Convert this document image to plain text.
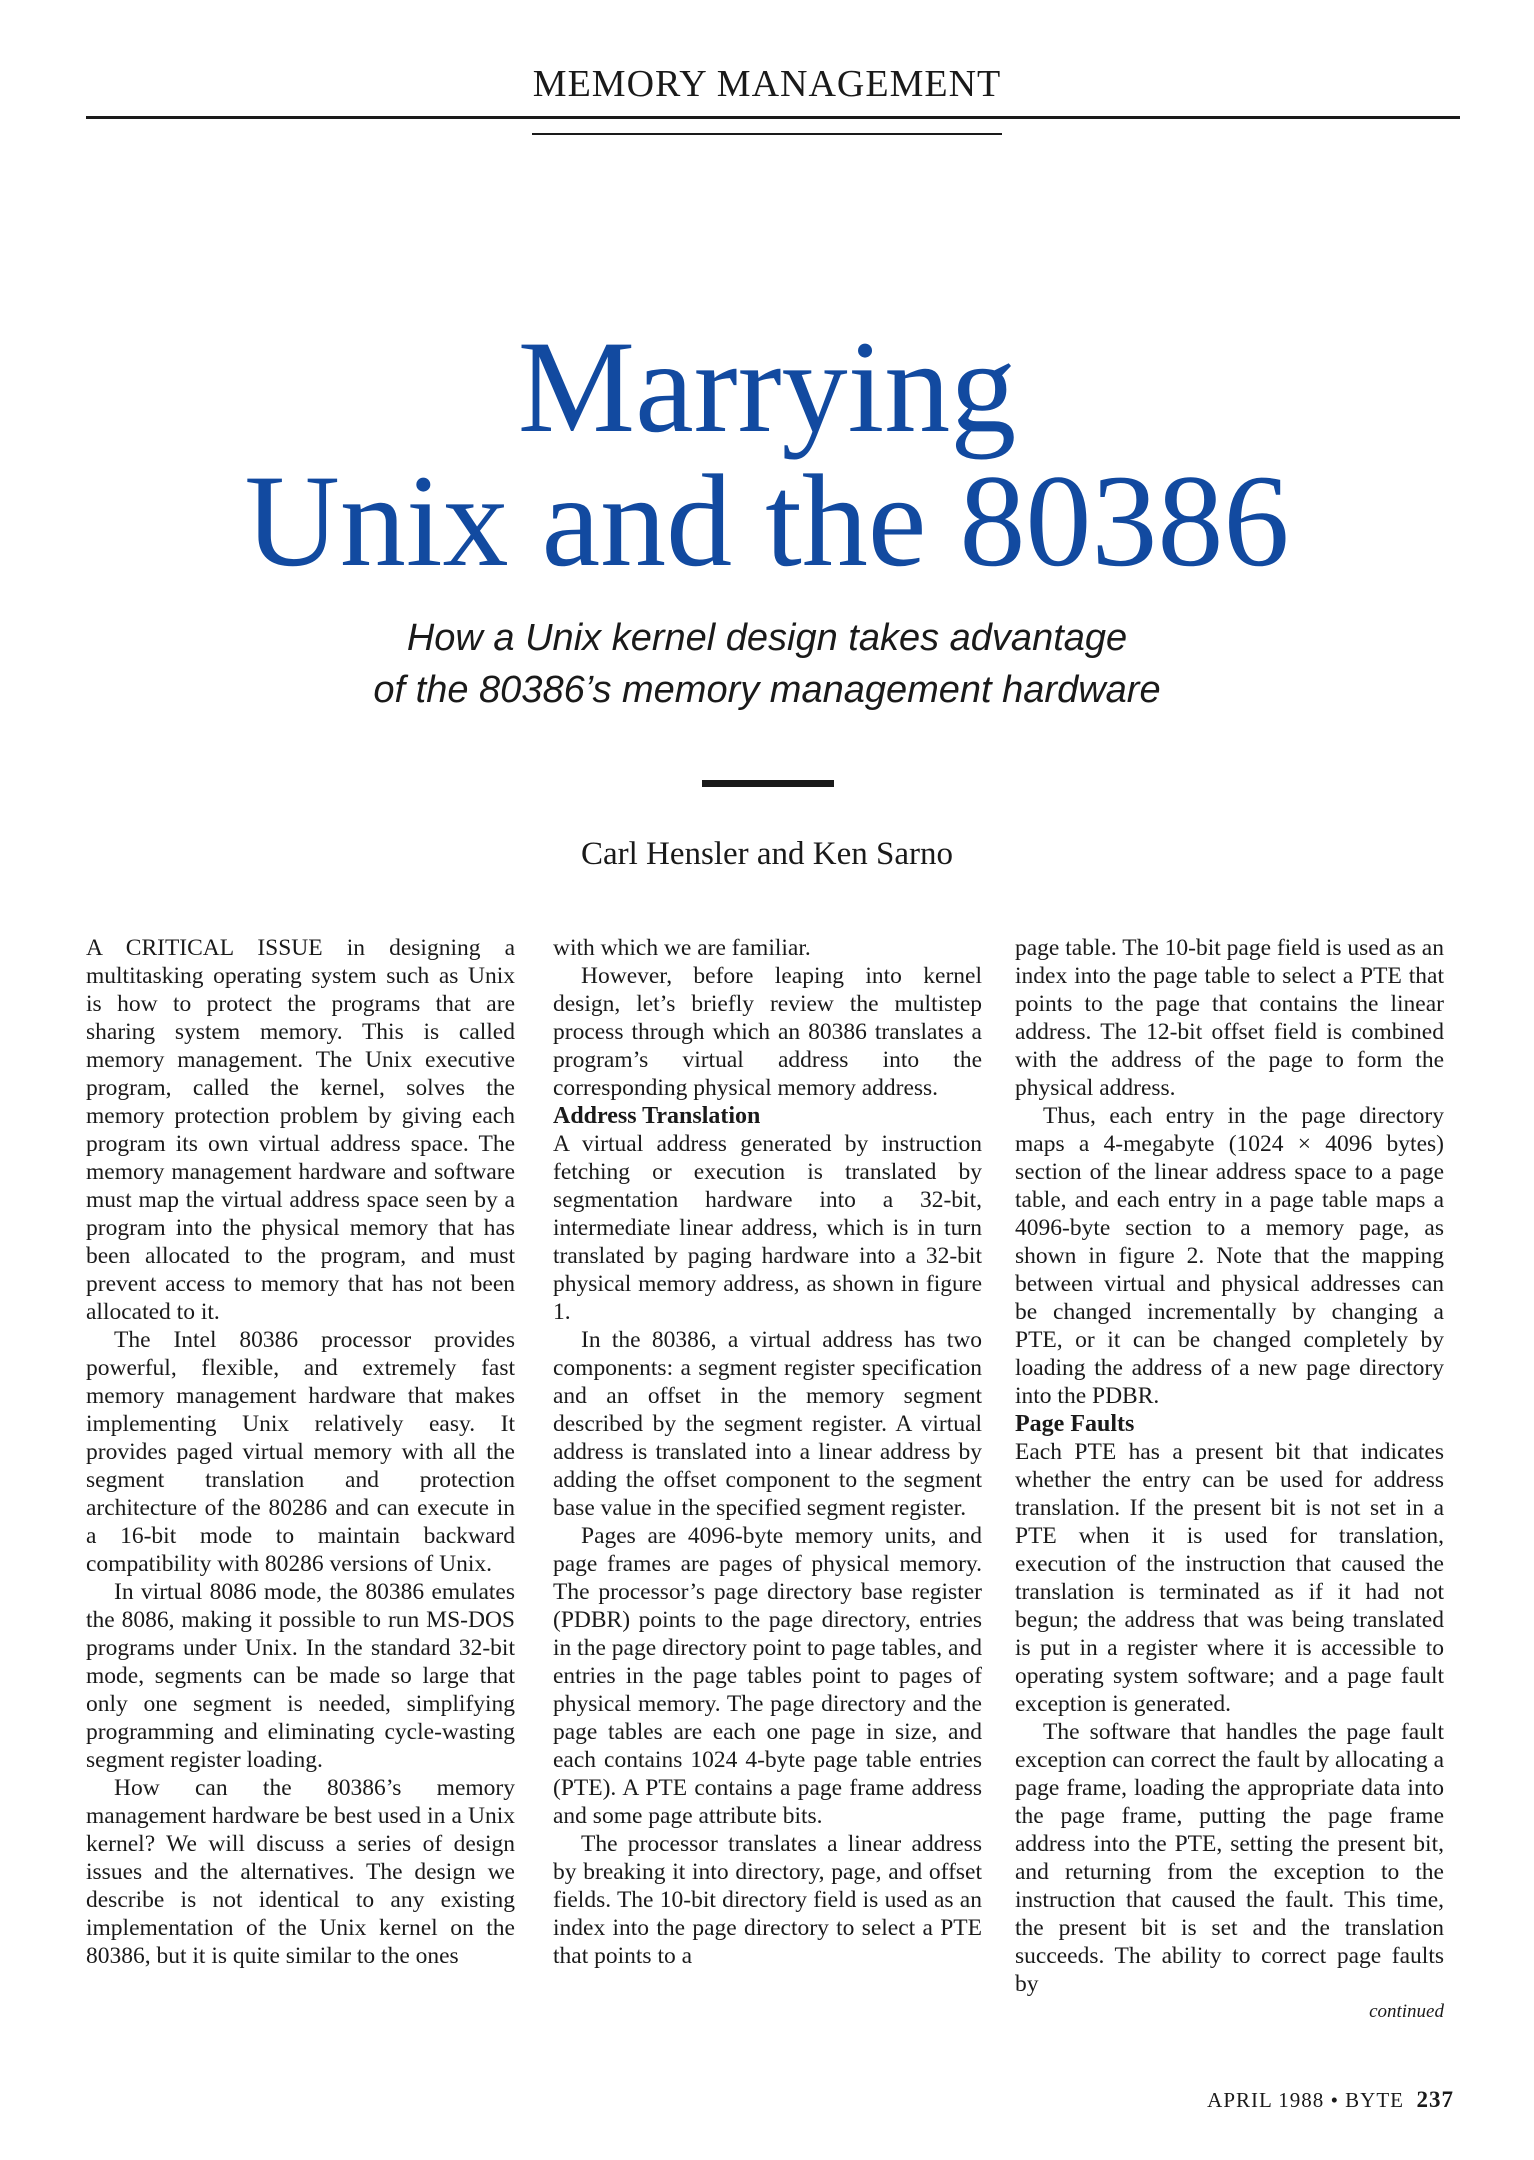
MEMORY MANAGEMENT
Marrying
Unix and the 80386
How a Unix kernel design takes advantage
of the 80386’s memory management hardware
Carl Hensler and Ken Sarno

A CRITICAL ISSUE in designing a multitasking operating system such as Unix is how to protect the programs that are sharing system memory. This is called memory management. The Unix executive program, called the kernel, solves the memory protection problem by giving each program its own virtual address space. The memory management hardware and software must map the virtual address space seen by a program into the physical memory that has been allocated to the program, and must prevent access to memory that has not been allocated to it.

The Intel 80386 processor provides powerful, flexible, and extremely fast memory management hardware that makes implementing Unix relatively easy. It provides paged virtual memory with all the segment translation and protection architecture of the 80286 and can execute in a 16-bit mode to maintain backward compatibility with 80286 versions of Unix.

In virtual 8086 mode, the 80386 emulates the 8086, making it possible to run MS-DOS programs under Unix. In the standard 32-bit mode, segments can be made so large that only one segment is needed, simplifying programming and eliminating cycle-wasting segment register loading.

How can the 80386’s memory management hardware be best used in a Unix kernel? We will discuss a series of design issues and the alternatives. The design we describe is not identical to any existing implementation of the Unix kernel on the 80386, but it is quite similar to the ones

with which we are familiar.

However, before leaping into kernel design, let’s briefly review the multistep process through which an 80386 translates a program’s virtual address into the corresponding physical memory address.

Address Translation

A virtual address generated by instruction fetching or execution is translated by segmentation hardware into a 32-bit, intermediate linear address, which is in turn translated by paging hardware into a 32-bit physical memory address, as shown in figure 1.

In the 80386, a virtual address has two components: a segment register specification and an offset in the memory segment described by the segment register. A virtual address is translated into a linear address by adding the offset component to the segment base value in the specified segment register.

Pages are 4096-byte memory units, and page frames are pages of physical memory. The processor’s page directory base register (PDBR) points to the page directory, entries in the page directory point to page tables, and entries in the page tables point to pages of physical memory. The page directory and the page tables are each one page in size, and each contains 1024 4-byte page table entries (PTE). A PTE contains a page frame address and some page attribute bits.

The processor translates a linear address by breaking it into directory, page, and offset fields. The 10-bit directory field is used as an index into the page directory to select a PTE that points to a

page table. The 10-bit page field is used as an index into the page table to select a PTE that points to the page that contains the linear address. The 12-bit offset field is combined with the address of the page to form the physical address.

Thus, each entry in the page directory maps a 4-megabyte (1024 × 4096 bytes) section of the linear address space to a page table, and each entry in a page table maps a 4096-byte section to a memory page, as shown in figure 2. Note that the mapping between virtual and physical addresses can be changed incrementally by changing a PTE, or it can be changed completely by loading the address of a new page directory into the PDBR.

Page Faults

Each PTE has a present bit that indicates whether the entry can be used for address translation. If the present bit is not set in a PTE when it is used for translation, execution of the instruction that caused the translation is terminated as if it had not begun; the address that was being translated is put in a register where it is accessible to operating system software; and a page fault exception is generated.

The software that handles the page fault exception can correct the fault by allocating a page frame, loading the appropriate data into the page frame, putting the page frame address into the PTE, setting the present bit, and returning from the exception to the instruction that caused the fault. This time, the present bit is set and the translation succeeds. The ability to correct page faults by

continued

APRIL 1988 • BYTE 237
